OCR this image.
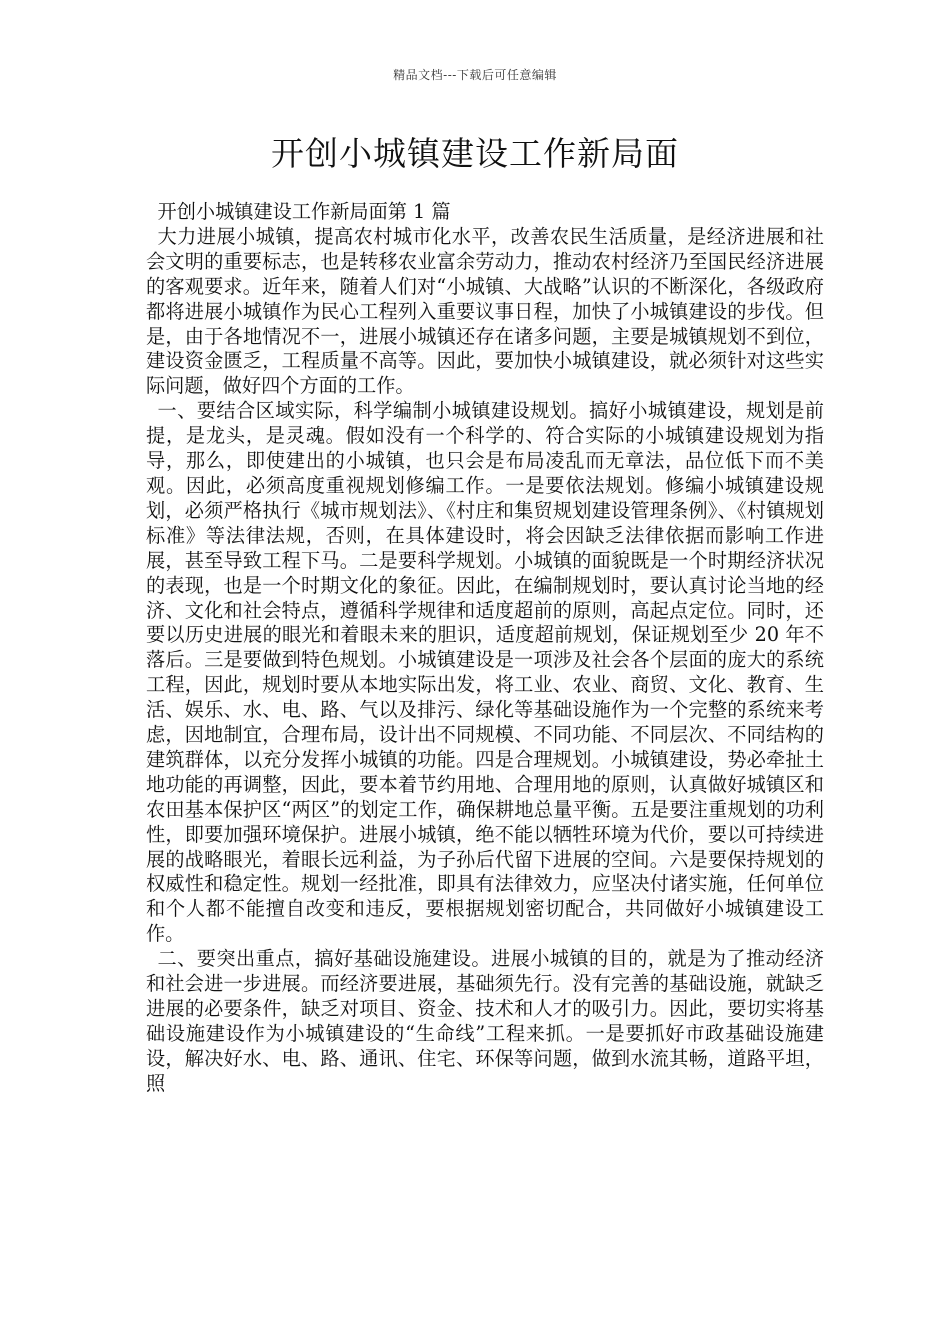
精品文档---下载后可任意编辑
开创小城镇建设工作新局面

开创小城镇建设工作新局面第 1 篇

大力进展小城镇，提高农村城市化水平，改善农民生活质量，是经济进展和社会文明的重要标志，也是转移农业富余劳动力，推动农村经济乃至国民经济进展的客观要求。近年来，随着人们对“小城镇、大战略”认识的不断深化，各级政府都将进展小城镇作为民心工程列入重要议事日程，加快了小城镇建设的步伐。但是，由于各地情况不一，进展小城镇还存在诸多问题，主要是城镇规划不到位，建设资金匮乏，工程质量不高等。因此，要加快小城镇建设，就必须针对这些实际问题，做好四个方面的工作。

一、要结合区域实际，科学编制小城镇建设规划。搞好小城镇建设，规划是前提，是龙头，是灵魂。假如没有一个科学的、符合实际的小城镇建设规划为指导，那么，即使建出的小城镇，也只会是布局凌乱而无章法，品位低下而不美观。因此，必须高度重视规划修编工作。一是要依法规划。修编小城镇建设规划，必须严格执行《城市规划法》、《村庄和集贸规划建设管理条例》、《村镇规划标准》等法律法规，否则，在具体建设时，将会因缺乏法律依据而影响工作进展，甚至导致工程下马。二是要科学规划。小城镇的面貌既是一个时期经济状况的表现，也是一个时期文化的象征。因此，在编制规划时，要认真讨论当地的经济、文化和社会特点，遵循科学规律和适度超前的原则，高起点定位。同时，还要以历史进展的眼光和着眼未来的胆识，适度超前规划，保证规划至少 20 年不落后。三是要做到特色规划。小城镇建设是一项涉及社会各个层面的庞大的系统工程，因此，规划时要从本地实际出发，将工业、农业、商贸、文化、教育、生活、娱乐、水、电、路、气以及排污、绿化等基础设施作为一个完整的系统来考虑，因地制宜，合理布局，设计出不同规模、不同功能、不同层次、不同结构的建筑群体，以充分发挥小城镇的功能。四是合理规划。小城镇建设，势必牵扯土地功能的再调整，因此，要本着节约用地、合理用地的原则，认真做好城镇区和农田基本保护区“两区”的划定工作，确保耕地总量平衡。五是要注重规划的功利性，即要加强环境保护。进展小城镇，绝不能以牺牲环境为代价，要以可持续进展的战略眼光，着眼长远利益，为子孙后代留下进展的空间。六是要保持规划的权威性和稳定性。规划一经批准，即具有法律效力，应坚决付诸实施，任何单位和个人都不能擅自改变和违反，要根据规划密切配合，共同做好小城镇建设工作。

二、要突出重点，搞好基础设施建设。进展小城镇的目的，就是为了推动经济和社会进一步进展。而经济要进展，基础须先行。没有完善的基础设施，就缺乏进展的必要条件，缺乏对项目、资金、技术和人才的吸引力。因此，要切实将基础设施建设作为小城镇建设的“生命线”工程来抓。一是要抓好市政基础设施建设，解决好水、电、路、通讯、住宅、环保等问题，做到水流其畅，道路平坦，照
